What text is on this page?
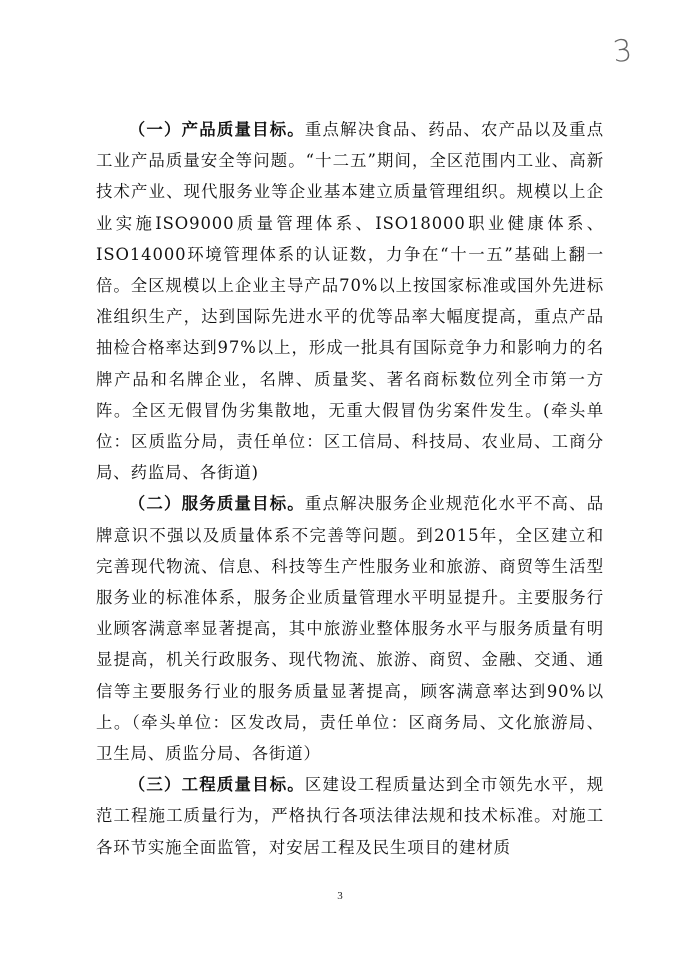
3

（一）产品质量目标。重点解决食品、药品、农产品以及重点工业产品质量安全等问题。“十二五”期间，全区范围内工业、高新技术产业、现代服务业等企业基本建立质量管理组织。规模以上企业实施ISO9000质量管理体系、ISO18000职业健康体系、ISO14000环境管理体系的认证数，力争在“十一五”基础上翻一倍。全区规模以上企业主导产品70%以上按国家标准或国外先进标准组织生产，达到国际先进水平的优等品率大幅度提高，重点产品抽检合格率达到97%以上，形成一批具有国际竞争力和影响力的名牌产品和名牌企业，名牌、质量奖、著名商标数位列全市第一方阵。全区无假冒伪劣集散地，无重大假冒伪劣案件发生。(牵头单位：区质监分局，责任单位：区工信局、科技局、农业局、工商分局、药监局、各街道)

（二）服务质量目标。重点解决服务企业规范化水平不高、品牌意识不强以及质量体系不完善等问题。到2015年，全区建立和完善现代物流、信息、科技等生产性服务业和旅游、商贸等生活型服务业的标准体系，服务企业质量管理水平明显提升。主要服务行业顾客满意率显著提高，其中旅游业整体服务水平与服务质量有明显提高，机关行政服务、现代物流、旅游、商贸、金融、交通、通信等主要服务行业的服务质量显著提高，顾客满意率达到90%以上。（牵头单位：区发改局，责任单位：区商务局、文化旅游局、卫生局、质监分局、各街道）

（三）工程质量目标。区建设工程质量达到全市领先水平，规范工程施工质量行为，严格执行各项法律法规和技术标准。对施工各环节实施全面监管，对安居工程及民生项目的建材质

3
